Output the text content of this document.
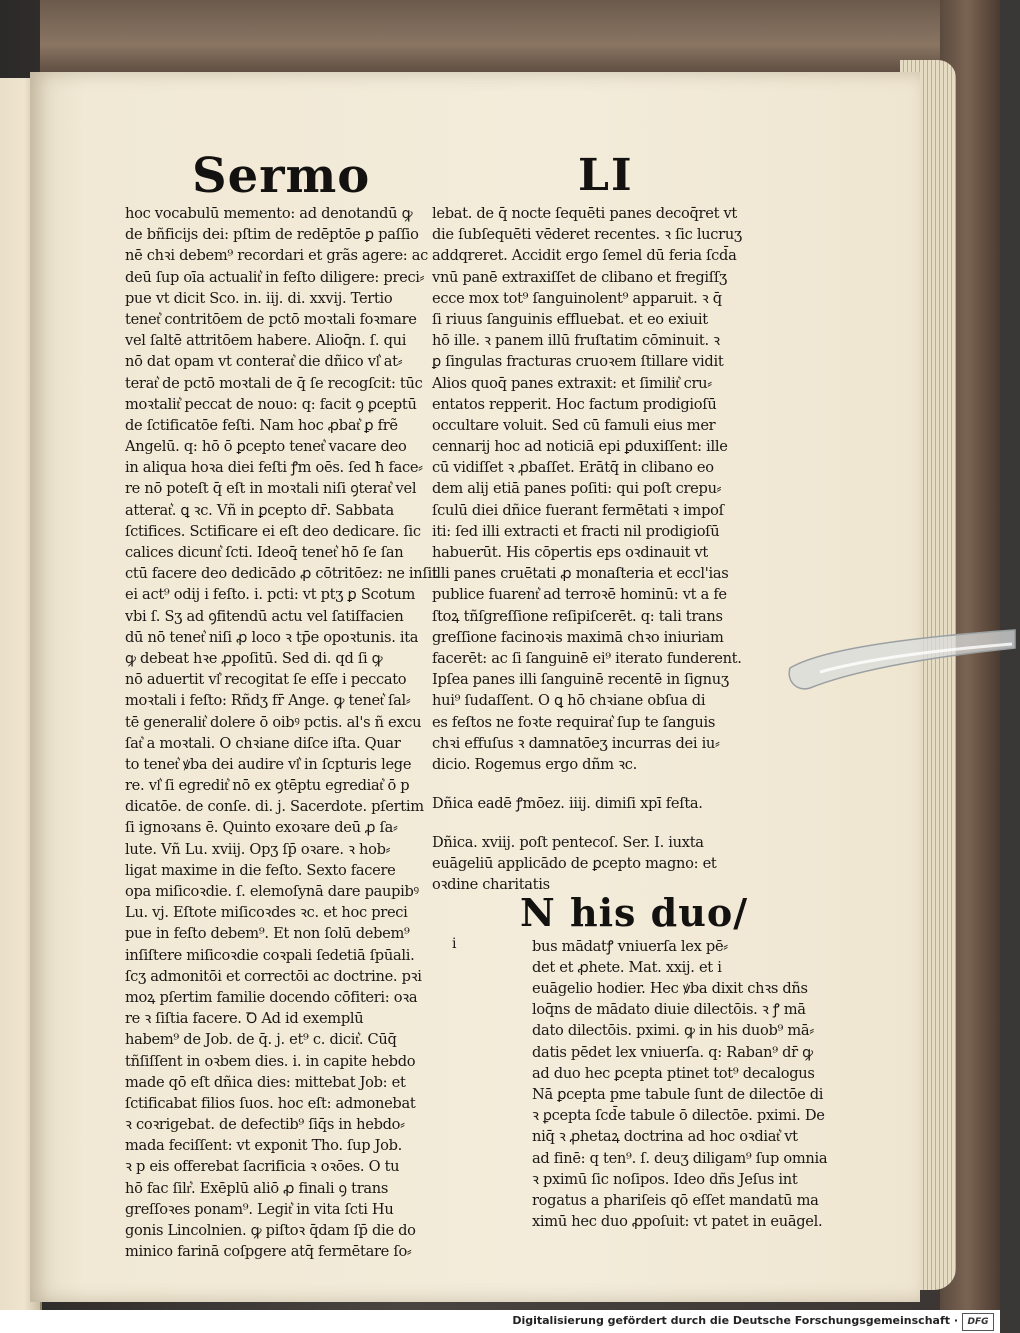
Sermo	LI
hoc vocabulū memento: ad denotandū ꝙ
de bñficijs dei: pſtim de redēptōe ꝑ paſſio
nē chꝛi debem⁹ recordari et grãs agere: ac
deū ſup oīa actualit͛ in feſto diligere: preci⸗
pue vt dicit Sco. in. iij. di. xxvij. Tertio
tenet͛ contritōem de pctō moꝛtali foꝛmare
vel ſaltē attritōem habere. Alioq̄n. ſ. qui
nō dat opam vt conterat͛ die dñico vl͛ at⸗
terat͛ de pctō moꝛtali de q̄ ſe recogſcit: tūc
moꝛtalit͛ peccat de nouo: q: facit ꝯ ꝑceptū
de ſctificatōe feſti. Nam hoc ꝓbat͛ ꝑ frẽ
Angelū. q: hō ō ꝑcepto tenet͛ vacare deo
in aliqua hoꝛa diei feſti ꝭm oēs. ſed ħ face⸗
re nō poteſt q̄ eſt in moꝛtali niſi ꝯterat͛ vel
atterat͛. ꝗ ꝛc. Vñ in ꝑcepto dr̄. Sabbata
ſctifices. Sctificare ei eſt deo dedicare. ſic
calices dicunt͛ ſcti. Ideoq̄ tenet͛ hō ſe ſan
ctū facere deo dedicādo ꝓ cōtritōez: ne inſit
ei act⁹ odij i feſto. i. pcti: vt ptʒ ꝑ Scotum
vbi ſ. Sʒ ad ꝯfitendū actu vel ſatiſfacien
dū nō tenet͛ niſi ꝓ loco ꝛ tp̄e opoꝛtunis. ita
ꝙ debeat hꝛe ꝓpoſitū. Sed di. qd ſi ꝙ
nō aduertit vl͛ recogitat ſe eſſe i peccato
moꝛtali i feſto: Rñdʒ fr̄ Ange. ꝙ tenet͛ ſal⸗
tē generalit͛ dolere ō oibꝰ pctis. al's ñ excu
ſat͛ a moꝛtali. O chꝛiane diſce iſta. Quar
to tenet͛ ꝟba dei audire vl͛ in ſcpturis lege
re. vl͛ ſi egredit͛ nō ex ꝯtēptu egrediat͛ ō p
dicatōe. de conſe. di. j. Sacerdote. pſertim
ſi ignoꝛans ē. Quinto exoꝛare deū ꝓ ſa⸗
lute. Vñ Lu. xviij. Opʒ ſp̄ oꝛare. ꝛ hob⸗
ligat maxime in die feſto. Sexto facere
opa miſicoꝛdie. ſ. elemoſynā dare paupibꝰ
Lu. vj. Eſtote miſicoꝛdes ꝛc. et hoc preci
pue in feſto debem⁹. Et non ſolū debem⁹
inſiſtere miſicoꝛdie coꝛpali ſedetiā ſpūali.
ſcʒ admonitōi et correctōi ac doctrine. pꝛi
moꝝ pſertim familie docendo cōfiteri: oꝛa
re ꝛ ſiſtia facere. Ꝺ Ad id exemplū
habem⁹ de Job. de q̄. j. et⁹ c. dicit͛. Cūq̄
tñſiſſent in oꝛbem dies. i. in capite hebdo
made qō eſt dñica dies: mittebat Job: et
ſctificabat filios ſuos. hoc eſt: admonebat
ꝛ coꝛrigebat. de defectib⁹ ſiq̄s in hebdo⸗
mada feciſſent: vt exponit Tho. ſup Job.
ꝛ p eis offerebat ſacrificia ꝛ oꝛōes. O tu
hō fac ſilr͛. Exēplū aliō ꝓ finali ꝯ trans
greſſoꝛes ponam⁹. Legit͛ in vita ſcti Hu
gonis Lincolnien. ꝙ piſtoꝛ q̄dam ſp̄ die do
minico farinā coſpgere atq̄ fermētare ſo⸗
lebat. de q̄ nocte ſequēti panes decoq̄ret vt
die ſubſequēti vēderet recentes. ꝛ ſic lucruʒ
addqreret. Accidit ergo ſemel dū feria ſcd̄a
vnū panē extraxiſſet de clibano et fregiſſʒ
ecce mox tot⁹ ſanguinolent⁹ apparuit. ꝛ q̄
ſi riuus ſanguinis effluebat. et eo exiuit
hō ille. ꝛ panem illū fruſtatim cōminuit. ꝛ
ꝑ ſingulas fracturas cruoꝛem ſtillare vidit
Alios quoq̄ panes extraxit: et ſimilit͛ cru⸗
entatos repperit. Hoc factum prodigioſū
occultare voluit. Sed cū famuli eius mer
cennarij hoc ad noticiā epi ꝑduxiſſent: ille
cū vidiſſet ꝛ ꝓbaſſet. Erātq̄ in clibano eo
dem alij etiā panes poſiti: qui poſt crepu⸗
ſculū diei dñice fuerant fermētati ꝛ impoſ
iti: ſed illi extracti et fracti nil prodigioſū
habuerūt. His cōpertis eps oꝛdinauit vt
illi panes cruētati ꝓ monaſteria et eccl'ias
publice fuarent͛ ad terroꝛē hominū: vt a fe
ſtoꝝ tñſgreſſione reſipiſcerēt. q: tali trans
greſſione facinoꝛis maximā chꝛo iniuriam
facerēt: ac ſi ſanguinē ei⁹ iterato funderent.
Ipſea panes illi ſanguinē recentē in ſignuʒ
hui⁹ ſudaſſent. O ꝗ hō chꝛiane obſua di
es feſtos ne foꝛte requirat͛ ſup te ſanguis
chꝛi effuſus ꝛ damnatōeʒ incurras dei iu⸗
dicio. Rogemus ergo dñm ꝛc.
Dñica eadē ꝭmōez. iiij. dimiſi xpī feſta.
Dñica. xviij. poſt pentecoſ. Ser. I. iuxta
euāgeliū applicādo de ꝑcepto magno: et
oꝛdine charitatis
N his duo/
i	bus mādatꝭ vniuerſa lex pē⸗
det et ꝓhete. Mat. xxij. et i
euāgelio hodier. Hec ꝟba dixit chꝛs dñs
loq̄ns de mādato diuie dilectōis. ꝛ ꝭ mā
dato dilectōis. pximi. ꝙ in his duob⁹ mā⸗
datis pēdet lex vniuerſa. q: Raban⁹ dr̄ ꝙ
ad duo hec ꝑcepta ptinet tot⁹ decalogus
Nā ꝑcepta pme tabule ſunt de dilectōe di
ꝛ ꝑcepta ſcd̄e tabule ō dilectōe. pximi. De
niq̄ ꝛ ꝓhetaꝝ doctrina ad hoc oꝛdiat͛ vt
ad finē: q ten⁹. ſ. deuʒ diligam⁹ ſup omnia
ꝛ pximū ſic noſipos. Ideo dñs Jeſus int
rogatus a phariſeis qō eſſet mandatū ma
ximū hec duo ꝓpoſuit: vt patet in euāgel.
Digitalisierung gefördert durch die Deutsche Forschungsgemeinschaft ·	DFG
